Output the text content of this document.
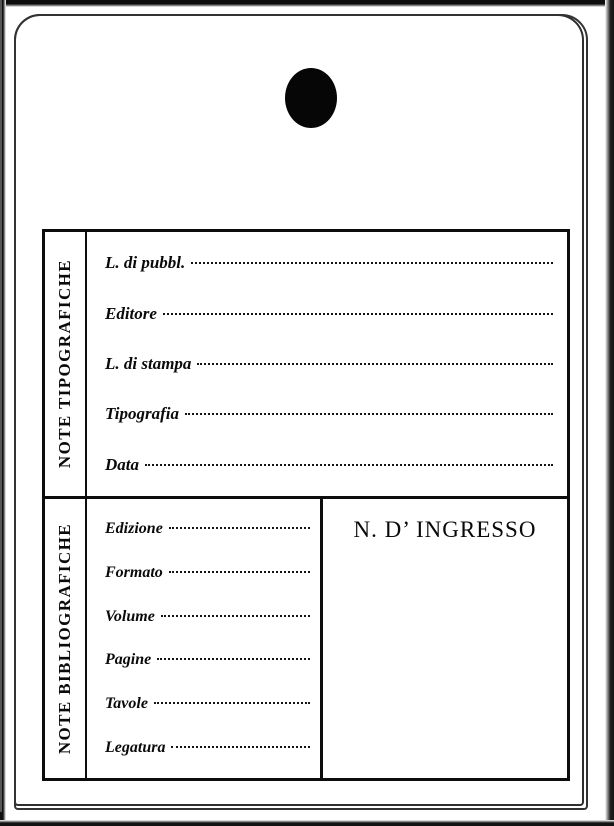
NOTE TIPOGRAFICHE L. di pubbl.
Editore
L. di stampa
Tipografia
Data
NOTE BIBLIOGRAFICHE Edizione
Formato
Volume
Pagine
Tavole
Legatura
N. D’ INGRESSO
